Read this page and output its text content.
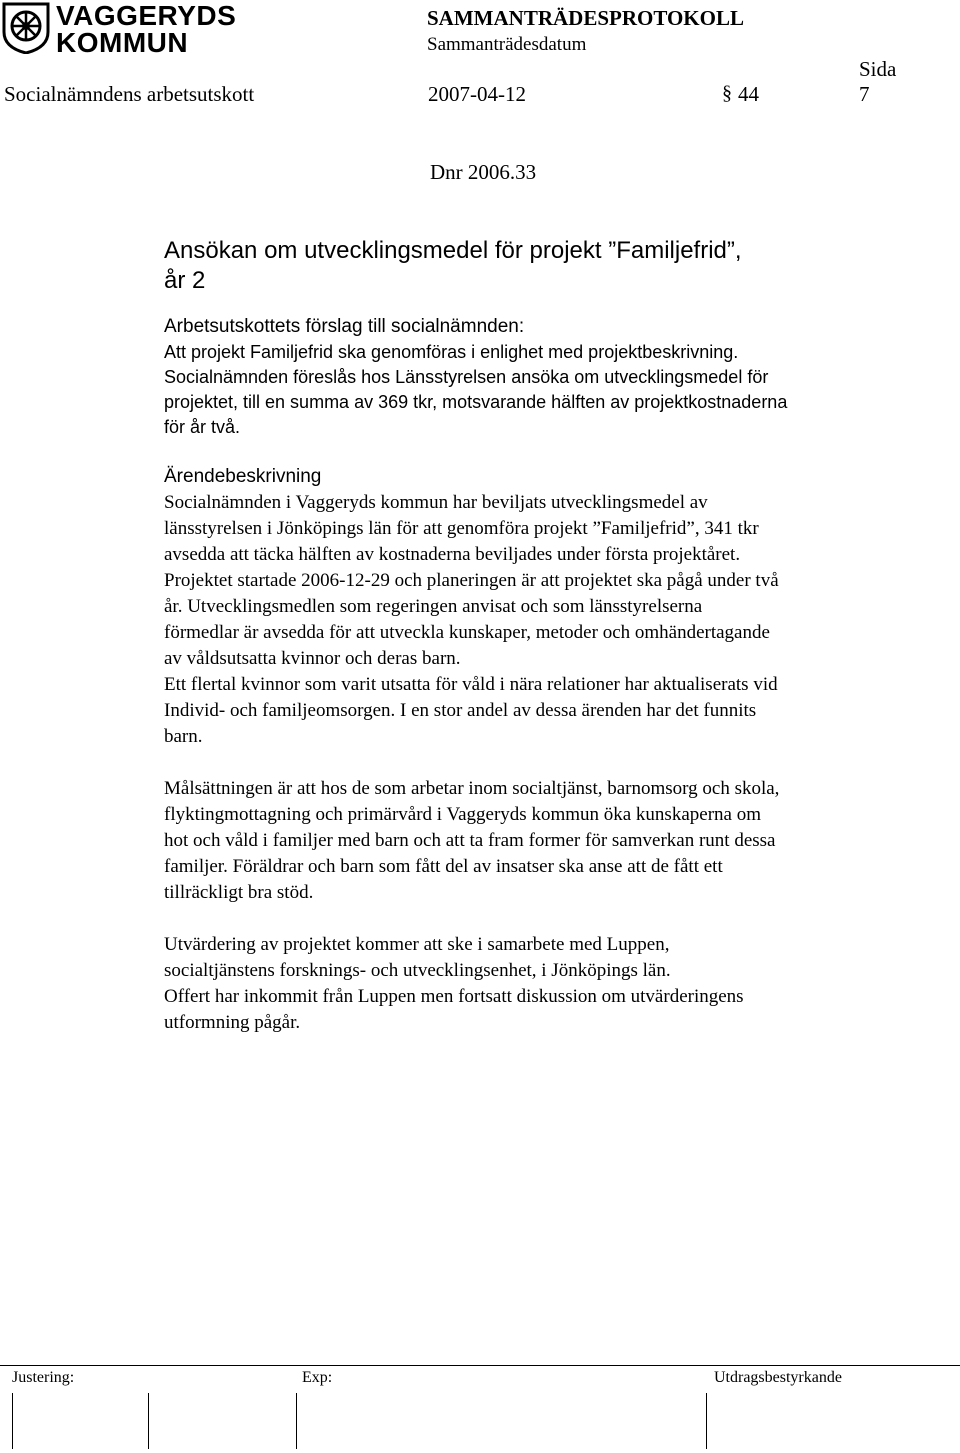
VAGGERYDS
KOMMUN
SAMMANTRÄDESPROTOKOLL
Sammanträdesdatum
Sida
Socialnämndens arbetsutskott	2007-04-12	§ 44	7
Dnr 2006.33
Ansökan om utvecklingsmedel för projekt ”Familjefrid”,
år 2
Arbetsutskottets förslag till socialnämnden:

Att projekt Familjefrid ska genomföras i enlighet med projektbeskrivning.

Socialnämnden föreslås hos Länsstyrelsen ansöka om utvecklingsmedel för
projektet, till en summa av 369 tkr, motsvarande hälften av projektkostnaderna
för år två.
Ärendebeskrivning
Socialnämnden i Vaggeryds kommun har beviljats utvecklingsmedel av
länsstyrelsen i Jönköpings län för att genomföra projekt ”Familjefrid”, 341 tkr
avsedda att täcka hälften av kostnaderna beviljades under första projektåret.
Projektet startade 2006-12-29 och planeringen är att projektet ska pågå under två
år. Utvecklingsmedlen som regeringen anvisat och som länsstyrelserna
förmedlar är avsedda för att utveckla kunskaper, metoder och omhändertagande
av våldsutsatta kvinnor och deras barn.
Ett flertal kvinnor som varit utsatta för våld i nära relationer har aktualiserats vid
Individ- och familjeomsorgen. I en stor andel av dessa ärenden har det funnits
barn.
Målsättningen är att hos de som arbetar inom socialtjänst, barnomsorg och skola,
flyktingmottagning och primärvård i Vaggeryds kommun öka kunskaperna om
hot och våld i familjer med barn och att ta fram former för samverkan runt dessa
familjer. Föräldrar och barn som fått del av insatser ska anse att de fått ett
tillräckligt bra stöd.
Utvärdering av projektet kommer att ske i samarbete med Luppen,
socialtjänstens forsknings- och utvecklingsenhet, i Jönköpings län.
Offert har inkommit från Luppen men fortsatt diskussion om utvärderingens
utformning pågår.
Justering:	Exp:	Utdragsbestyrkande
